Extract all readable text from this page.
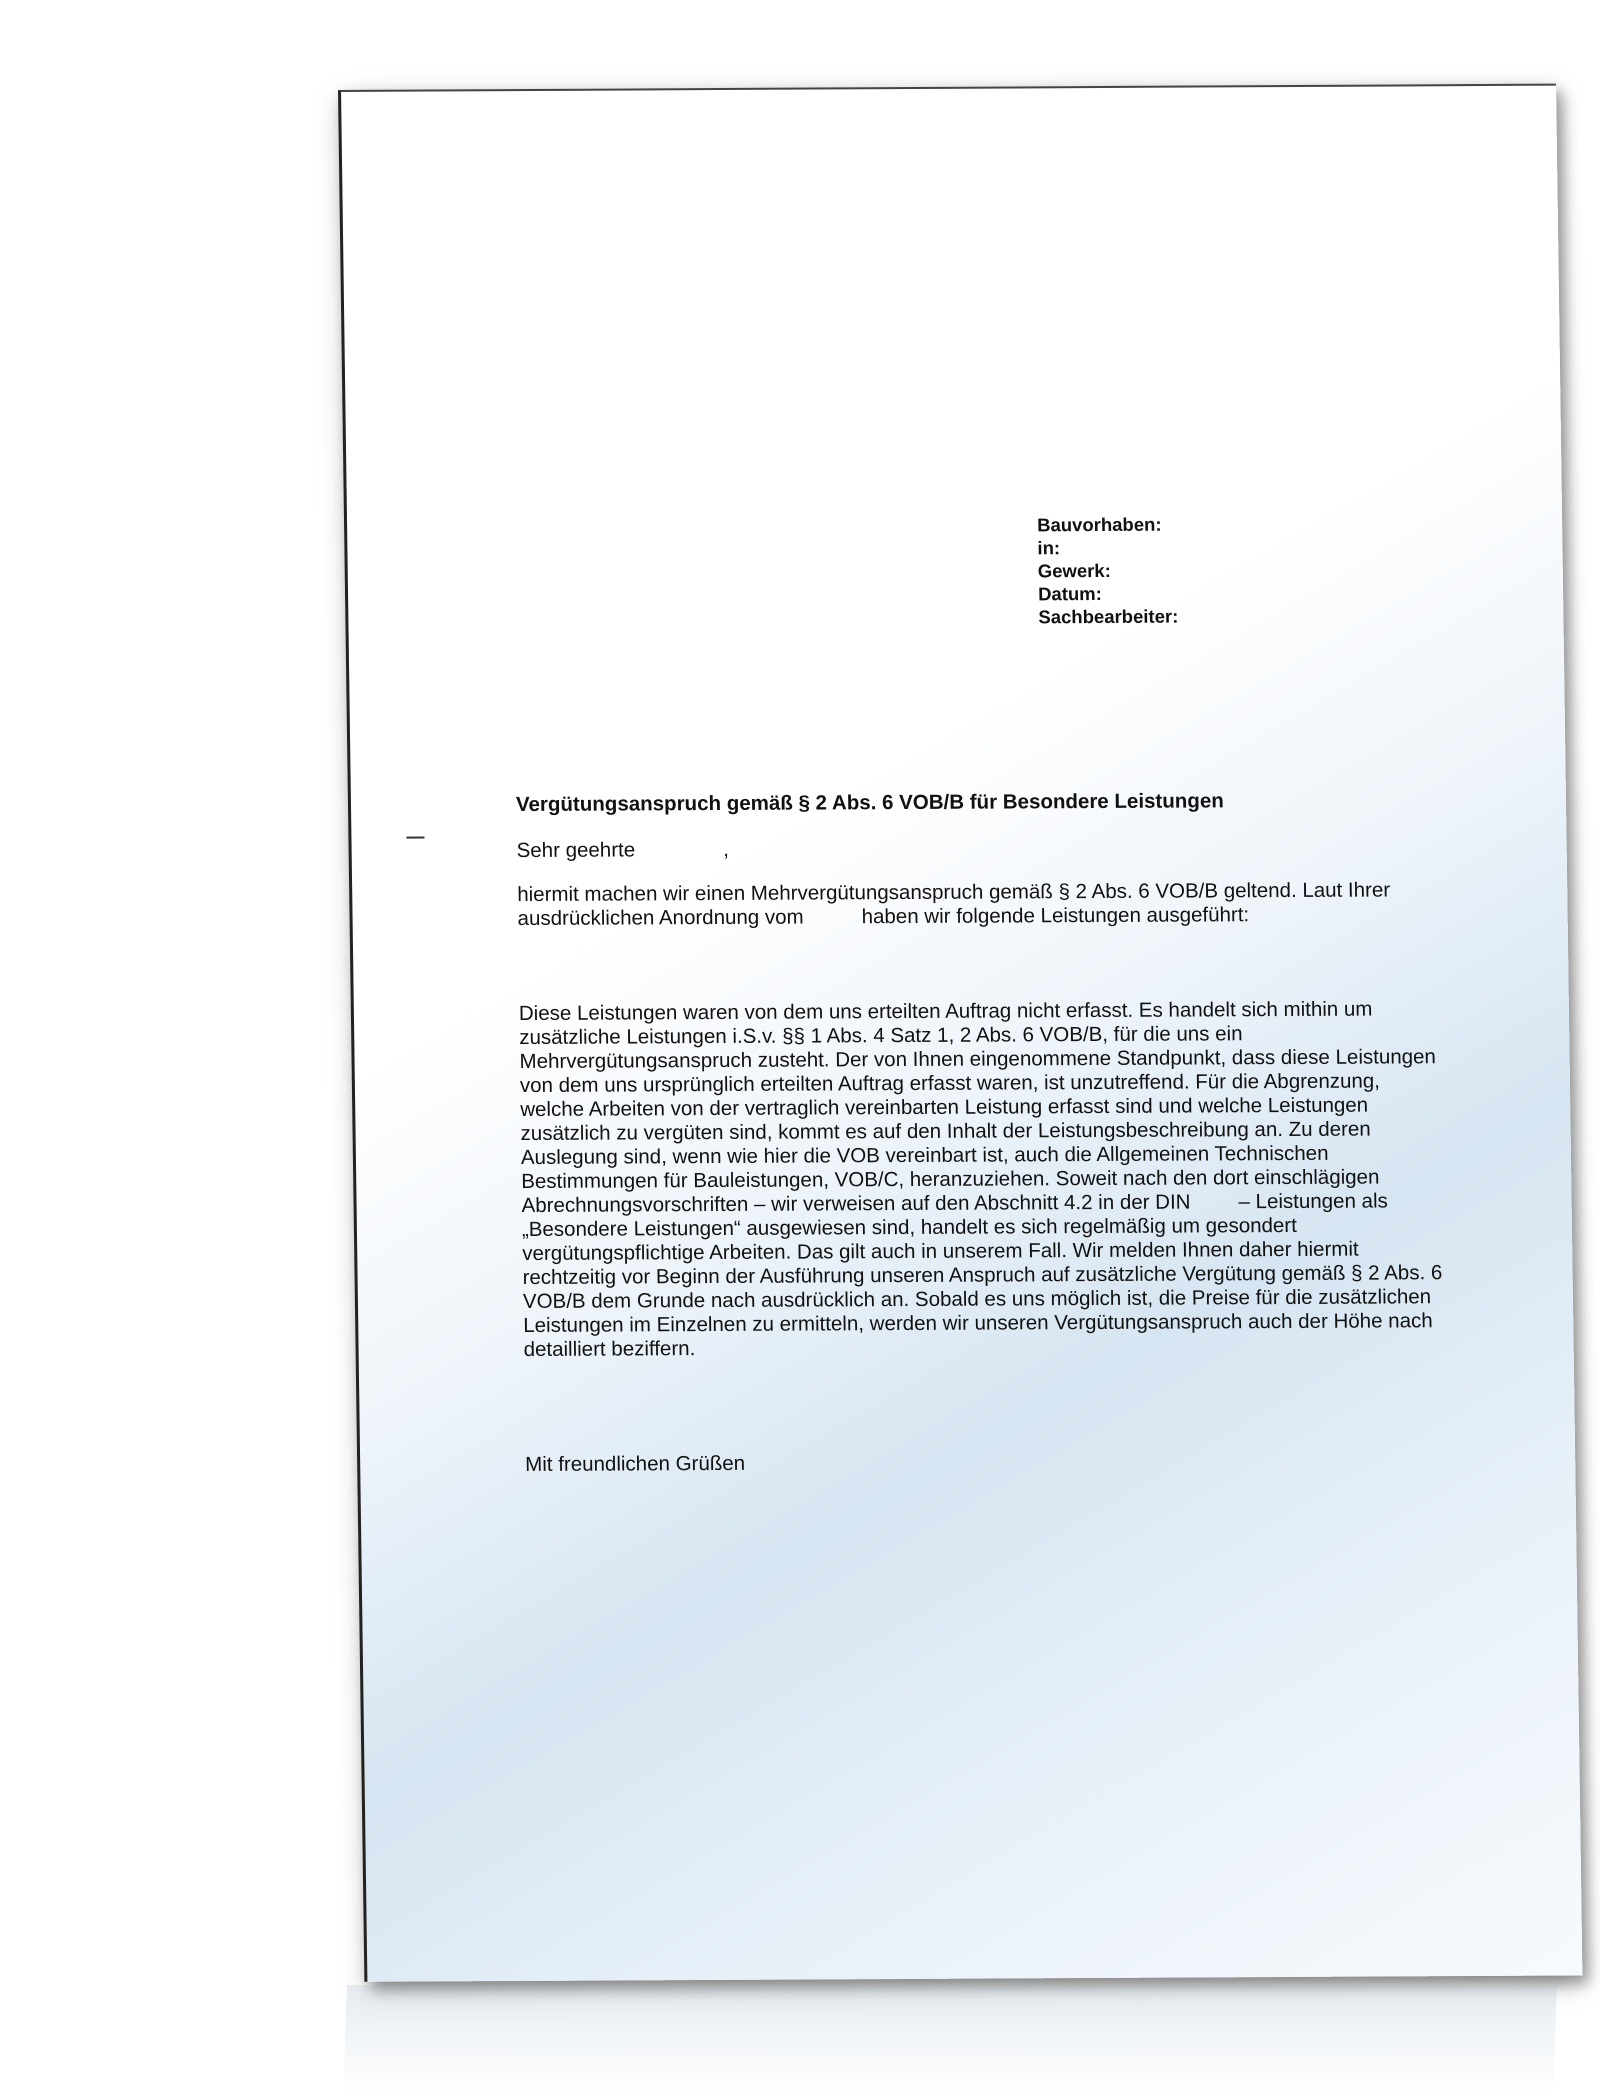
Bauvorhaben:
in:
Gewerk:
Datum:
Sachbearbeiter:
Vergütungsanspruch gemäß § 2 Abs. 6 VOB/B für Besondere Leistungen
Sehr geehrte	,
hiermit machen wir einen Mehrvergütungsanspruch gemäß § 2 Abs. 6 VOB/B geltend. Laut Ihrer ausdrücklichen Anordnung vom	haben wir folgende Leistungen ausgeführt:
Diese Leistungen waren von dem uns erteilten Auftrag nicht erfasst. Es handelt sich mithin um zusätzliche Leistungen i.S.v. §§ 1 Abs. 4 Satz 1, 2 Abs. 6 VOB/B, für die uns ein Mehrvergütungsanspruch zusteht. Der von Ihnen eingenommene Standpunkt, dass diese Leistungen von dem uns ursprünglich erteilten Auftrag erfasst waren, ist unzutreffend. Für die Abgrenzung, welche Arbeiten von der vertraglich vereinbarten Leistung erfasst sind und welche Leistungen zusätzlich zu vergüten sind, kommt es auf den Inhalt der Leistungsbeschreibung an. Zu deren Auslegung sind, wenn wie hier die VOB vereinbart ist, auch die Allgemeinen Technischen Bestimmungen für Bauleistungen, VOB/C, heranzuziehen. Soweit nach den dort einschlägigen Abrechnungsvorschriften – wir verweisen auf den Abschnitt 4.2 in der DIN – Leistungen als „Besondere Leistungen“ ausgewiesen sind, handelt es sich regelmäßig um gesondert vergütungspflichtige Arbeiten. Das gilt auch in unserem Fall. Wir melden Ihnen daher hiermit rechtzeitig vor Beginn der Ausführung unseren Anspruch auf zusätzliche Vergütung gemäß § 2 Abs. 6 VOB/B dem Grunde nach ausdrücklich an. Sobald es uns möglich ist, die Preise für die zusätzlichen Leistungen im Einzelnen zu ermitteln, werden wir unseren Vergütungsanspruch auch der Höhe nach detailliert beziffern.
Mit freundlichen Grüßen
